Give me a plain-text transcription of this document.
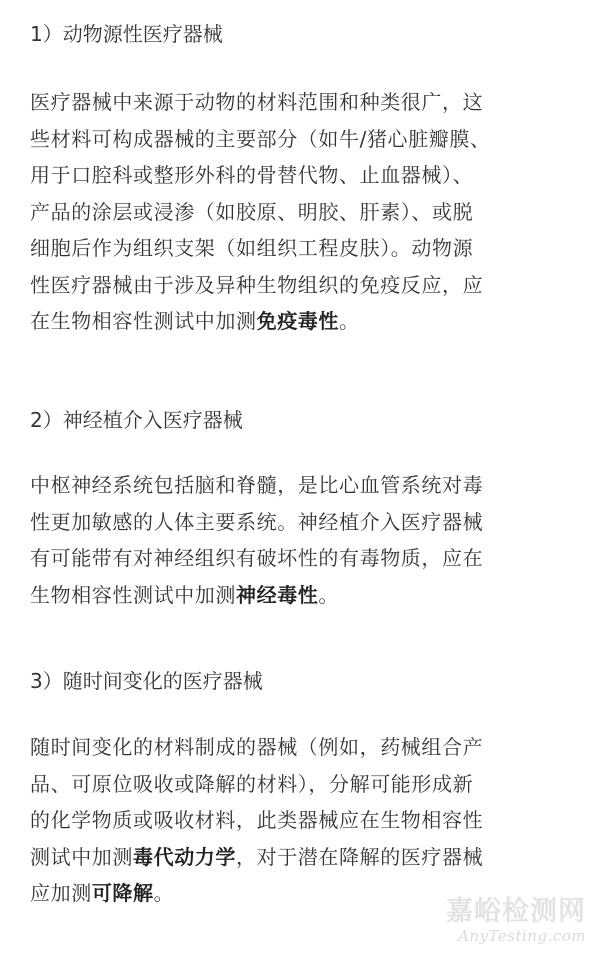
1）动物源性医疗器械
医疗器械中来源于动物的材料范围和种类很广，这
些材料可构成器械的主要部分（如牛/猪心脏瓣膜、
用于口腔科或整形外科的骨替代物、止血器械）、
产品的涂层或浸渗（如胶原、明胶、肝素）、或脱
细胞后作为组织支架（如组织工程皮肤）。动物源
性医疗器械由于涉及异种生物组织的免疫反应，应
在生物相容性测试中加测免疫毒性。
2）神经植介入医疗器械
中枢神经系统包括脑和脊髓，是比心血管系统对毒
性更加敏感的人体主要系统。神经植介入医疗器械
有可能带有对神经组织有破坏性的有毒物质，应在
生物相容性测试中加测神经毒性。
3）随时间变化的医疗器械
随时间变化的材料制成的器械（例如，药械组合产
品、可原位吸收或降解的材料），分解可能形成新
的化学物质或吸收材料，此类器械应在生物相容性
测试中加测毒代动力学，对于潜在降解的医疗器械
应加测可降解。
嘉峪检测网
AnyTesting.com
